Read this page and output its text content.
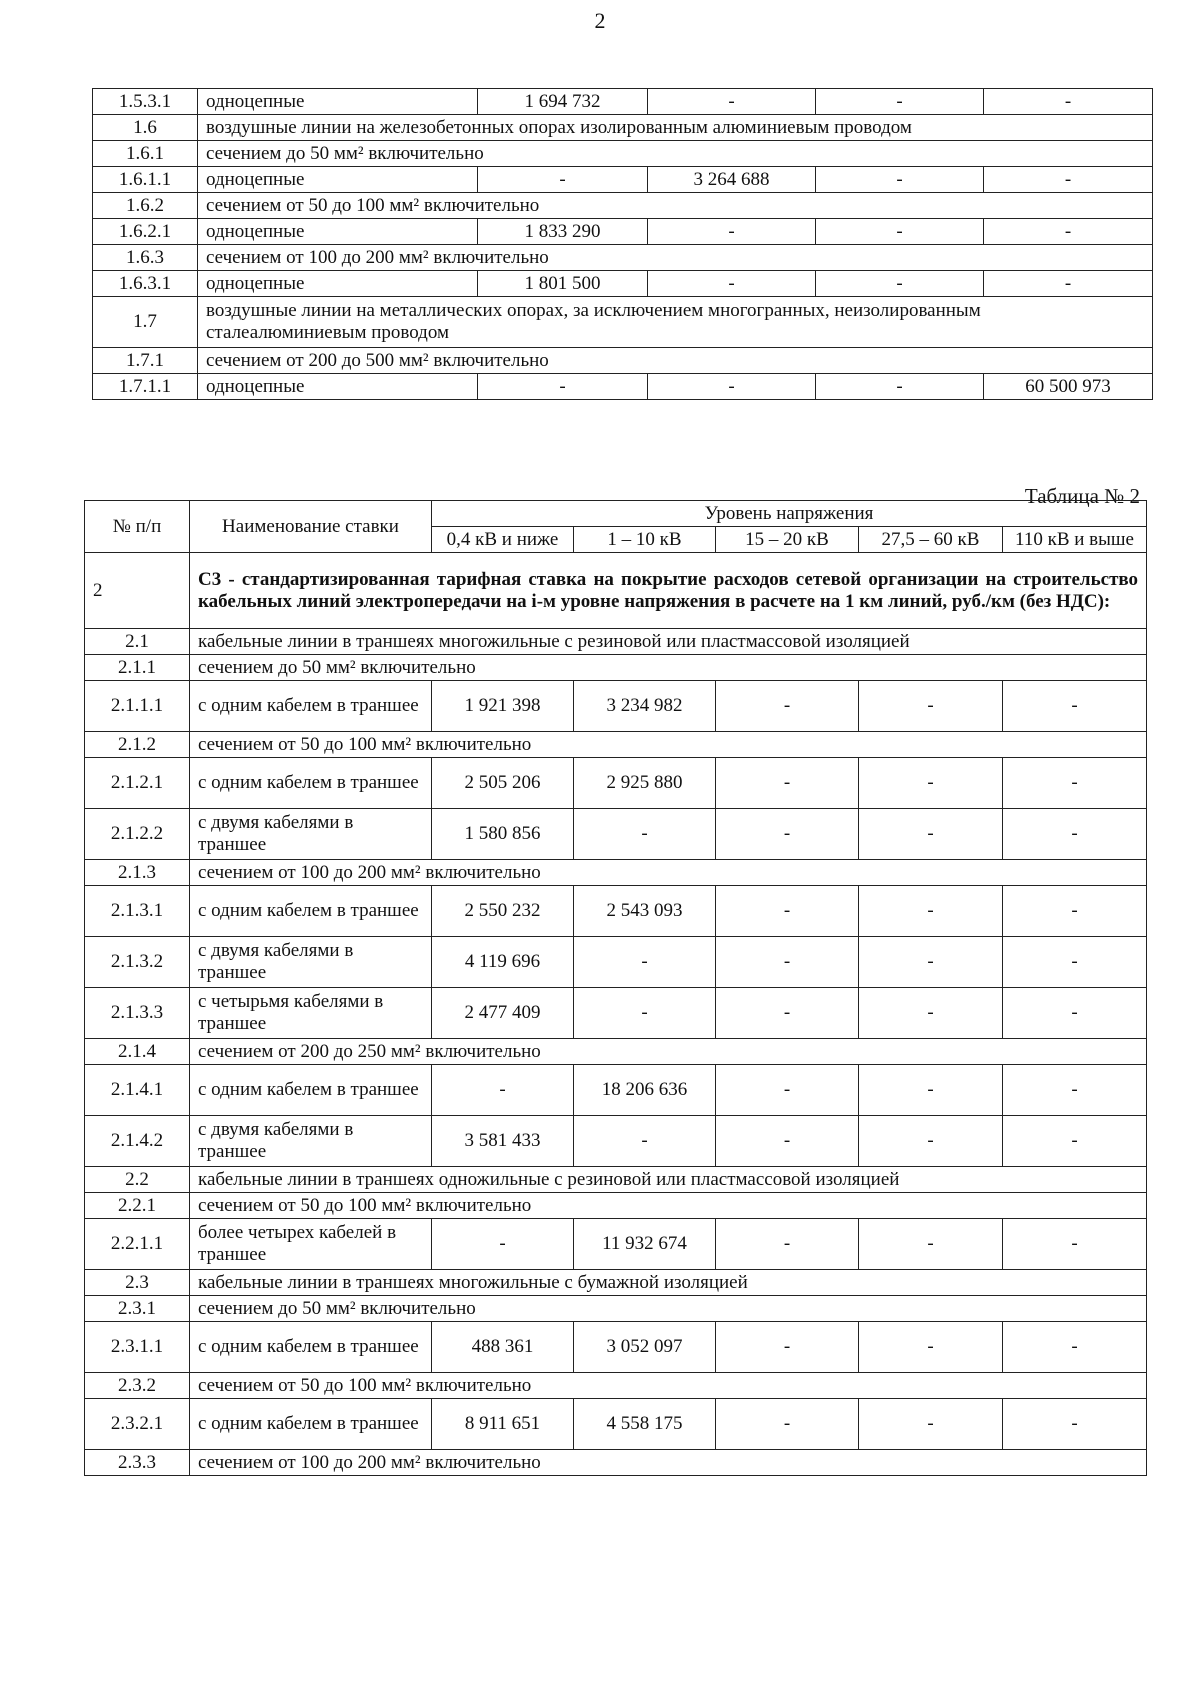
2
1.5.3.1	одноцепные	1 694 732	-	-	-
1.6	воздушные линии на железобетонных опорах изолированным алюминиевым проводом				
1.6.1	сечением до 50 мм² включительно				
1.6.1.1	одноцепные	-	3 264 688	-	-
1.6.2	сечением от 50 до 100 мм² включительно				
1.6.2.1	одноцепные	1 833 290	-	-	-
1.6.3	сечением от 100 до 200 мм² включительно				
1.6.3.1	одноцепные	1 801 500	-	-	-
1.7	воздушные линии на металлических опорах, за исключением многогранных, неизолированным сталеалюминиевым проводом				
1.7.1	сечением от 200 до 500 мм² включительно				
1.7.1.1	одноцепные	-	-	-	60 500 973
Таблица № 2
№ п/п	Наименование ставки	Уровень напряжения				
		0,4 кВ и ниже	1 – 10 кВ	15 – 20 кВ	27,5 – 60 кВ	110 кВ и выше
2	С3 - стандартизированная тарифная ставка на покрытие расходов сетевой организации на строительство кабельных линий электропередачи на i-м уровне напряжения в расчете на 1 км линий, руб./км (без НДС):					
2.1	кабельные линии в траншеях многожильные с резиновой или пластмассовой изоляцией					
2.1.1	сечением до 50 мм² включительно					
2.1.1.1	с одним кабелем в траншее	1 921 398	3 234 982	-	-	-
2.1.2	сечением от 50 до 100 мм² включительно					
2.1.2.1	с одним кабелем в траншее	2 505 206	2 925 880	-	-	-
2.1.2.2	с двумя кабелями в траншее	1 580 856	-	-	-	-
2.1.3	сечением от 100 до 200 мм² включительно					
2.1.3.1	с одним кабелем в траншее	2 550 232	2 543 093	-	-	-
2.1.3.2	с двумя кабелями в траншее	4 119 696	-	-	-	-
2.1.3.3	с четырьмя кабелями в траншее	2 477 409	-	-	-	-
2.1.4	сечением от 200 до 250 мм² включительно					
2.1.4.1	с одним кабелем в траншее	-	18 206 636	-	-	-
2.1.4.2	с двумя кабелями в траншее	3 581 433	-	-	-	-
2.2	кабельные линии в траншеях одножильные с резиновой или пластмассовой изоляцией					
2.2.1	сечением от 50 до 100 мм² включительно					
2.2.1.1	более четырех кабелей в траншее	-	11 932 674	-	-	-
2.3	кабельные линии в траншеях многожильные с бумажной изоляцией					
2.3.1	сечением до 50 мм² включительно					
2.3.1.1	с одним кабелем в траншее	488 361	3 052 097	-	-	-
2.3.2	сечением от 50 до 100 мм² включительно					
2.3.2.1	с одним кабелем в траншее	8 911 651	4 558 175	-	-	-
2.3.3	сечением от 100 до 200 мм² включительно					
